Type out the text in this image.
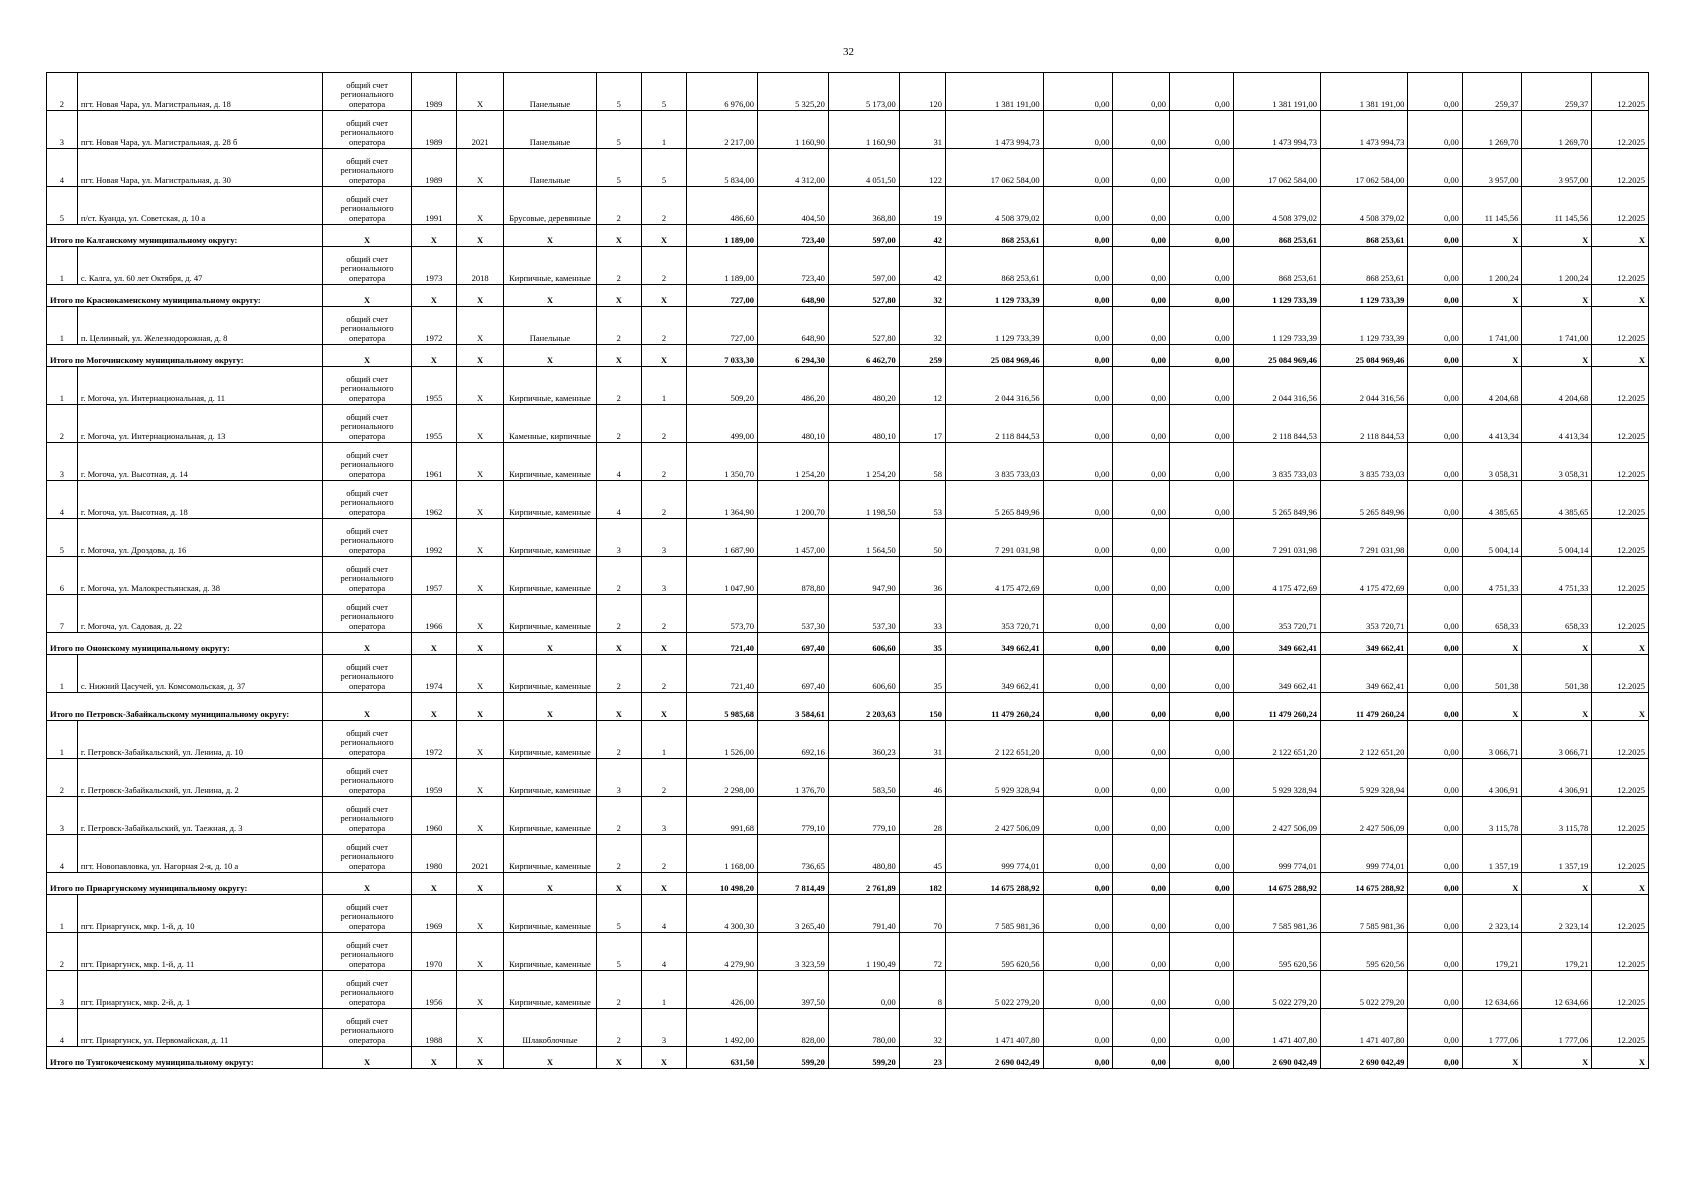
32
2	пгт. Новая Чара, ул. Магистральная, д. 18	общий счет регионального оператора	1989	X	Панельные	5	5	6 976,00	5 325,20	5 173,00	120	1 381 191,00	0,00	0,00	0,00	1 381 191,00	1 381 191,00	0,00	259,37	259,37	12.2025
3	пгт. Новая Чара, ул. Магистральная, д. 28 б	общий счет регионального оператора	1989	2021	Панельные	5	1	2 217,00	1 160,90	1 160,90	31	1 473 994,73	0,00	0,00	0,00	1 473 994,73	1 473 994,73	0,00	1 269,70	1 269,70	12.2025
4	пгт. Новая Чара, ул. Магистральная, д. 30	общий счет регионального оператора	1989	X	Панельные	5	5	5 834,00	4 312,00	4 051,50	122	17 062 584,00	0,00	0,00	0,00	17 062 584,00	17 062 584,00	0,00	3 957,00	3 957,00	12.2025
5	п/ст. Куанда, ул. Советская, д. 10 а	общий счет регионального оператора	1991	X	Брусовые, деревянные	2	2	486,60	404,50	368,80	19	4 508 379,02	0,00	0,00	0,00	4 508 379,02	4 508 379,02	0,00	11 145,56	11 145,56	12.2025
Итого по Калганскому муниципальному округу:		X	X	X	X	X	X	1 189,00	723,40	597,00	42	868 253,61	0,00	0,00	0,00	868 253,61	868 253,61	0,00	X	X	X
1	с. Калга, ул. 60 лет Октября, д. 47	общий счет регионального оператора	1973	2018	Кирпичные, каменные	2	2	1 189,00	723,40	597,00	42	868 253,61	0,00	0,00	0,00	868 253,61	868 253,61	0,00	1 200,24	1 200,24	12.2025
Итого по Краснокаменскому муниципальному округу:		X	X	X	X	X	X	727,00	648,90	527,80	32	1 129 733,39	0,00	0,00	0,00	1 129 733,39	1 129 733,39	0,00	X	X	X
1	п. Целинный, ул. Железнодорожная, д. 8	общий счет регионального оператора	1972	X	Панельные	2	2	727,00	648,90	527,80	32	1 129 733,39	0,00	0,00	0,00	1 129 733,39	1 129 733,39	0,00	1 741,00	1 741,00	12.2025
Итого по Могочинскому муниципальному округу:		X	X	X	X	X	X	7 033,30	6 294,30	6 462,70	259	25 084 969,46	0,00	0,00	0,00	25 084 969,46	25 084 969,46	0,00	X	X	X
1	г. Могоча, ул. Интернациональная, д. 11	общий счет регионального оператора	1955	X	Кирпичные, каменные	2	1	509,20	486,20	480,20	12	2 044 316,56	0,00	0,00	0,00	2 044 316,56	2 044 316,56	0,00	4 204,68	4 204,68	12.2025
2	г. Могоча, ул. Интернациональная, д. 13	общий счет регионального оператора	1955	X	Каменные, кирпичные	2	2	499,00	480,10	480,10	17	2 118 844,53	0,00	0,00	0,00	2 118 844,53	2 118 844,53	0,00	4 413,34	4 413,34	12.2025
3	г. Могоча, ул. Высотная, д. 14	общий счет регионального оператора	1961	X	Кирпичные, каменные	4	2	1 350,70	1 254,20	1 254,20	58	3 835 733,03	0,00	0,00	0,00	3 835 733,03	3 835 733,03	0,00	3 058,31	3 058,31	12.2025
4	г. Могоча, ул. Высотная, д. 18	общий счет регионального оператора	1962	X	Кирпичные, каменные	4	2	1 364,90	1 200,70	1 198,50	53	5 265 849,96	0,00	0,00	0,00	5 265 849,96	5 265 849,96	0,00	4 385,65	4 385,65	12.2025
5	г. Могоча, ул. Дроздова, д. 16	общий счет регионального оператора	1992	X	Кирпичные, каменные	3	3	1 687,90	1 457,00	1 564,50	50	7 291 031,98	0,00	0,00	0,00	7 291 031,98	7 291 031,98	0,00	5 004,14	5 004,14	12.2025
6	г. Могоча, ул. Малокрестьянская, д. 38	общий счет регионального оператора	1957	X	Кирпичные, каменные	2	3	1 047,90	878,80	947,90	36	4 175 472,69	0,00	0,00	0,00	4 175 472,69	4 175 472,69	0,00	4 751,33	4 751,33	12.2025
7	г. Могоча, ул. Садовая, д. 22	общий счет регионального оператора	1966	X	Кирпичные, каменные	2	2	573,70	537,30	537,30	33	353 720,71	0,00	0,00	0,00	353 720,71	353 720,71	0,00	658,33	658,33	12.2025
Итого по Ононскому муниципальному округу:		X	X	X	X	X	X	721,40	697,40	606,60	35	349 662,41	0,00	0,00	0,00	349 662,41	349 662,41	0,00	X	X	X
1	с. Нижний Цасучей, ул. Комсомольская, д. 37	общий счет регионального оператора	1974	X	Кирпичные, каменные	2	2	721,40	697,40	606,60	35	349 662,41	0,00	0,00	0,00	349 662,41	349 662,41	0,00	501,38	501,38	12.2025
Итого по Петровск-Забайкальскому муниципальному округу:		X	X	X	X	X	X	5 985,68	3 584,61	2 203,63	150	11 479 260,24	0,00	0,00	0,00	11 479 260,24	11 479 260,24	0,00	X	X	X
1	г. Петровск-Забайкальский, ул. Ленина, д. 10	общий счет регионального оператора	1972	X	Кирпичные, каменные	2	1	1 526,00	692,16	360,23	31	2 122 651,20	0,00	0,00	0,00	2 122 651,20	2 122 651,20	0,00	3 066,71	3 066,71	12.2025
2	г. Петровск-Забайкальский, ул. Ленина, д. 2	общий счет регионального оператора	1959	X	Кирпичные, каменные	3	2	2 298,00	1 376,70	583,50	46	5 929 328,94	0,00	0,00	0,00	5 929 328,94	5 929 328,94	0,00	4 306,91	4 306,91	12.2025
3	г. Петровск-Забайкальский, ул. Таежная, д. 3	общий счет регионального оператора	1960	X	Кирпичные, каменные	2	3	991,68	779,10	779,10	28	2 427 506,09	0,00	0,00	0,00	2 427 506,09	2 427 506,09	0,00	3 115,78	3 115,78	12.2025
4	пгт. Новопавловка, ул. Нагорная 2-я, д. 10 а	общий счет регионального оператора	1980	2021	Кирпичные, каменные	2	2	1 168,00	736,65	480,80	45	999 774,01	0,00	0,00	0,00	999 774,01	999 774,01	0,00	1 357,19	1 357,19	12.2025
Итого по Приаргунскому муниципальному округу:		X	X	X	X	X	X	10 498,20	7 814,49	2 761,89	182	14 675 288,92	0,00	0,00	0,00	14 675 288,92	14 675 288,92	0,00	X	X	X
1	пгт. Приаргунск, мкр. 1-й, д. 10	общий счет регионального оператора	1969	X	Кирпичные, каменные	5	4	4 300,30	3 265,40	791,40	70	7 585 981,36	0,00	0,00	0,00	7 585 981,36	7 585 981,36	0,00	2 323,14	2 323,14	12.2025
2	пгт. Приаргунск, мкр. 1-й, д. 11	общий счет регионального оператора	1970	X	Кирпичные, каменные	5	4	4 279,90	3 323,59	1 190,49	72	595 620,56	0,00	0,00	0,00	595 620,56	595 620,56	0,00	179,21	179,21	12.2025
3	пгт. Приаргунск, мкр. 2-й, д. 1	общий счет регионального оператора	1956	X	Кирпичные, каменные	2	1	426,00	397,50	0,00	8	5 022 279,20	0,00	0,00	0,00	5 022 279,20	5 022 279,20	0,00	12 634,66	12 634,66	12.2025
4	пгт. Приаргунск, ул. Первомайская, д. 11	общий счет регионального оператора	1988	X	Шлакоблочные	2	3	1 492,00	828,00	780,00	32	1 471 407,80	0,00	0,00	0,00	1 471 407,80	1 471 407,80	0,00	1 777,06	1 777,06	12.2025
Итого по Тунгокоченскому муниципальному округу:		X	X	X	X	X	X	631,50	599,20	599,20	23	2 690 042,49	0,00	0,00	0,00	2 690 042,49	2 690 042,49	0,00	X	X	X
